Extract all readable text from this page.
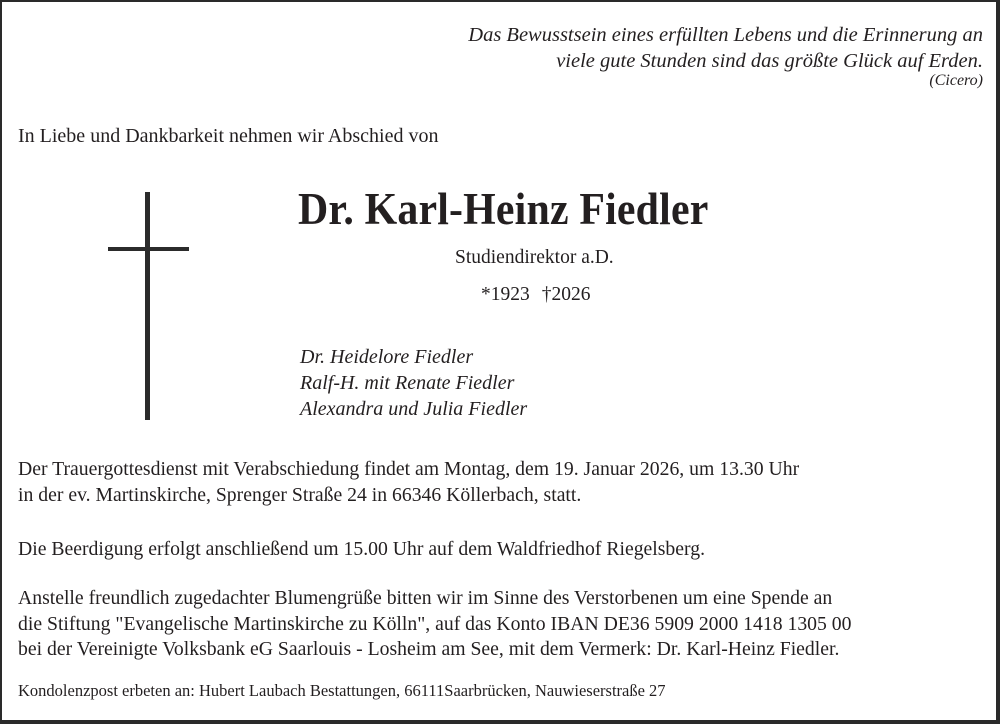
Das Bewusstsein eines erfüllten Lebens und die Erinnerung an
viele gute Stunden sind das größte Glück auf Erden.
(Cicero)
In Liebe und Dankbarkeit nehmen wir Abschied von
Dr. Karl-Heinz Fiedler
Studiendirektor a.D.
*1923 †2026
Dr. Heidelore Fiedler
Ralf-H. mit Renate Fiedler
Alexandra und Julia Fiedler
Der Trauergottesdienst mit Verabschiedung findet am Montag, dem 19. Januar 2026, um 13.30 Uhr
in der ev. Martinskirche, Sprenger Straße 24 in 66346 Köllerbach, statt.
Die Beerdigung erfolgt anschließend um 15.00 Uhr auf dem Waldfriedhof Riegelsberg.
Anstelle freundlich zugedachter Blumengrüße bitten wir im Sinne des Verstorbenen um eine Spende an
die Stiftung "Evangelische Martinskirche zu Kölln", auf das Konto IBAN DE36 5909 2000 1418 1305 00
bei der Vereinigte Volksbank eG Saarlouis - Losheim am See, mit dem Vermerk: Dr. Karl-Heinz Fiedler.
Kondolenzpost erbeten an: Hubert Laubach Bestattungen, 66111Saarbrücken, Nauwieserstraße 27
